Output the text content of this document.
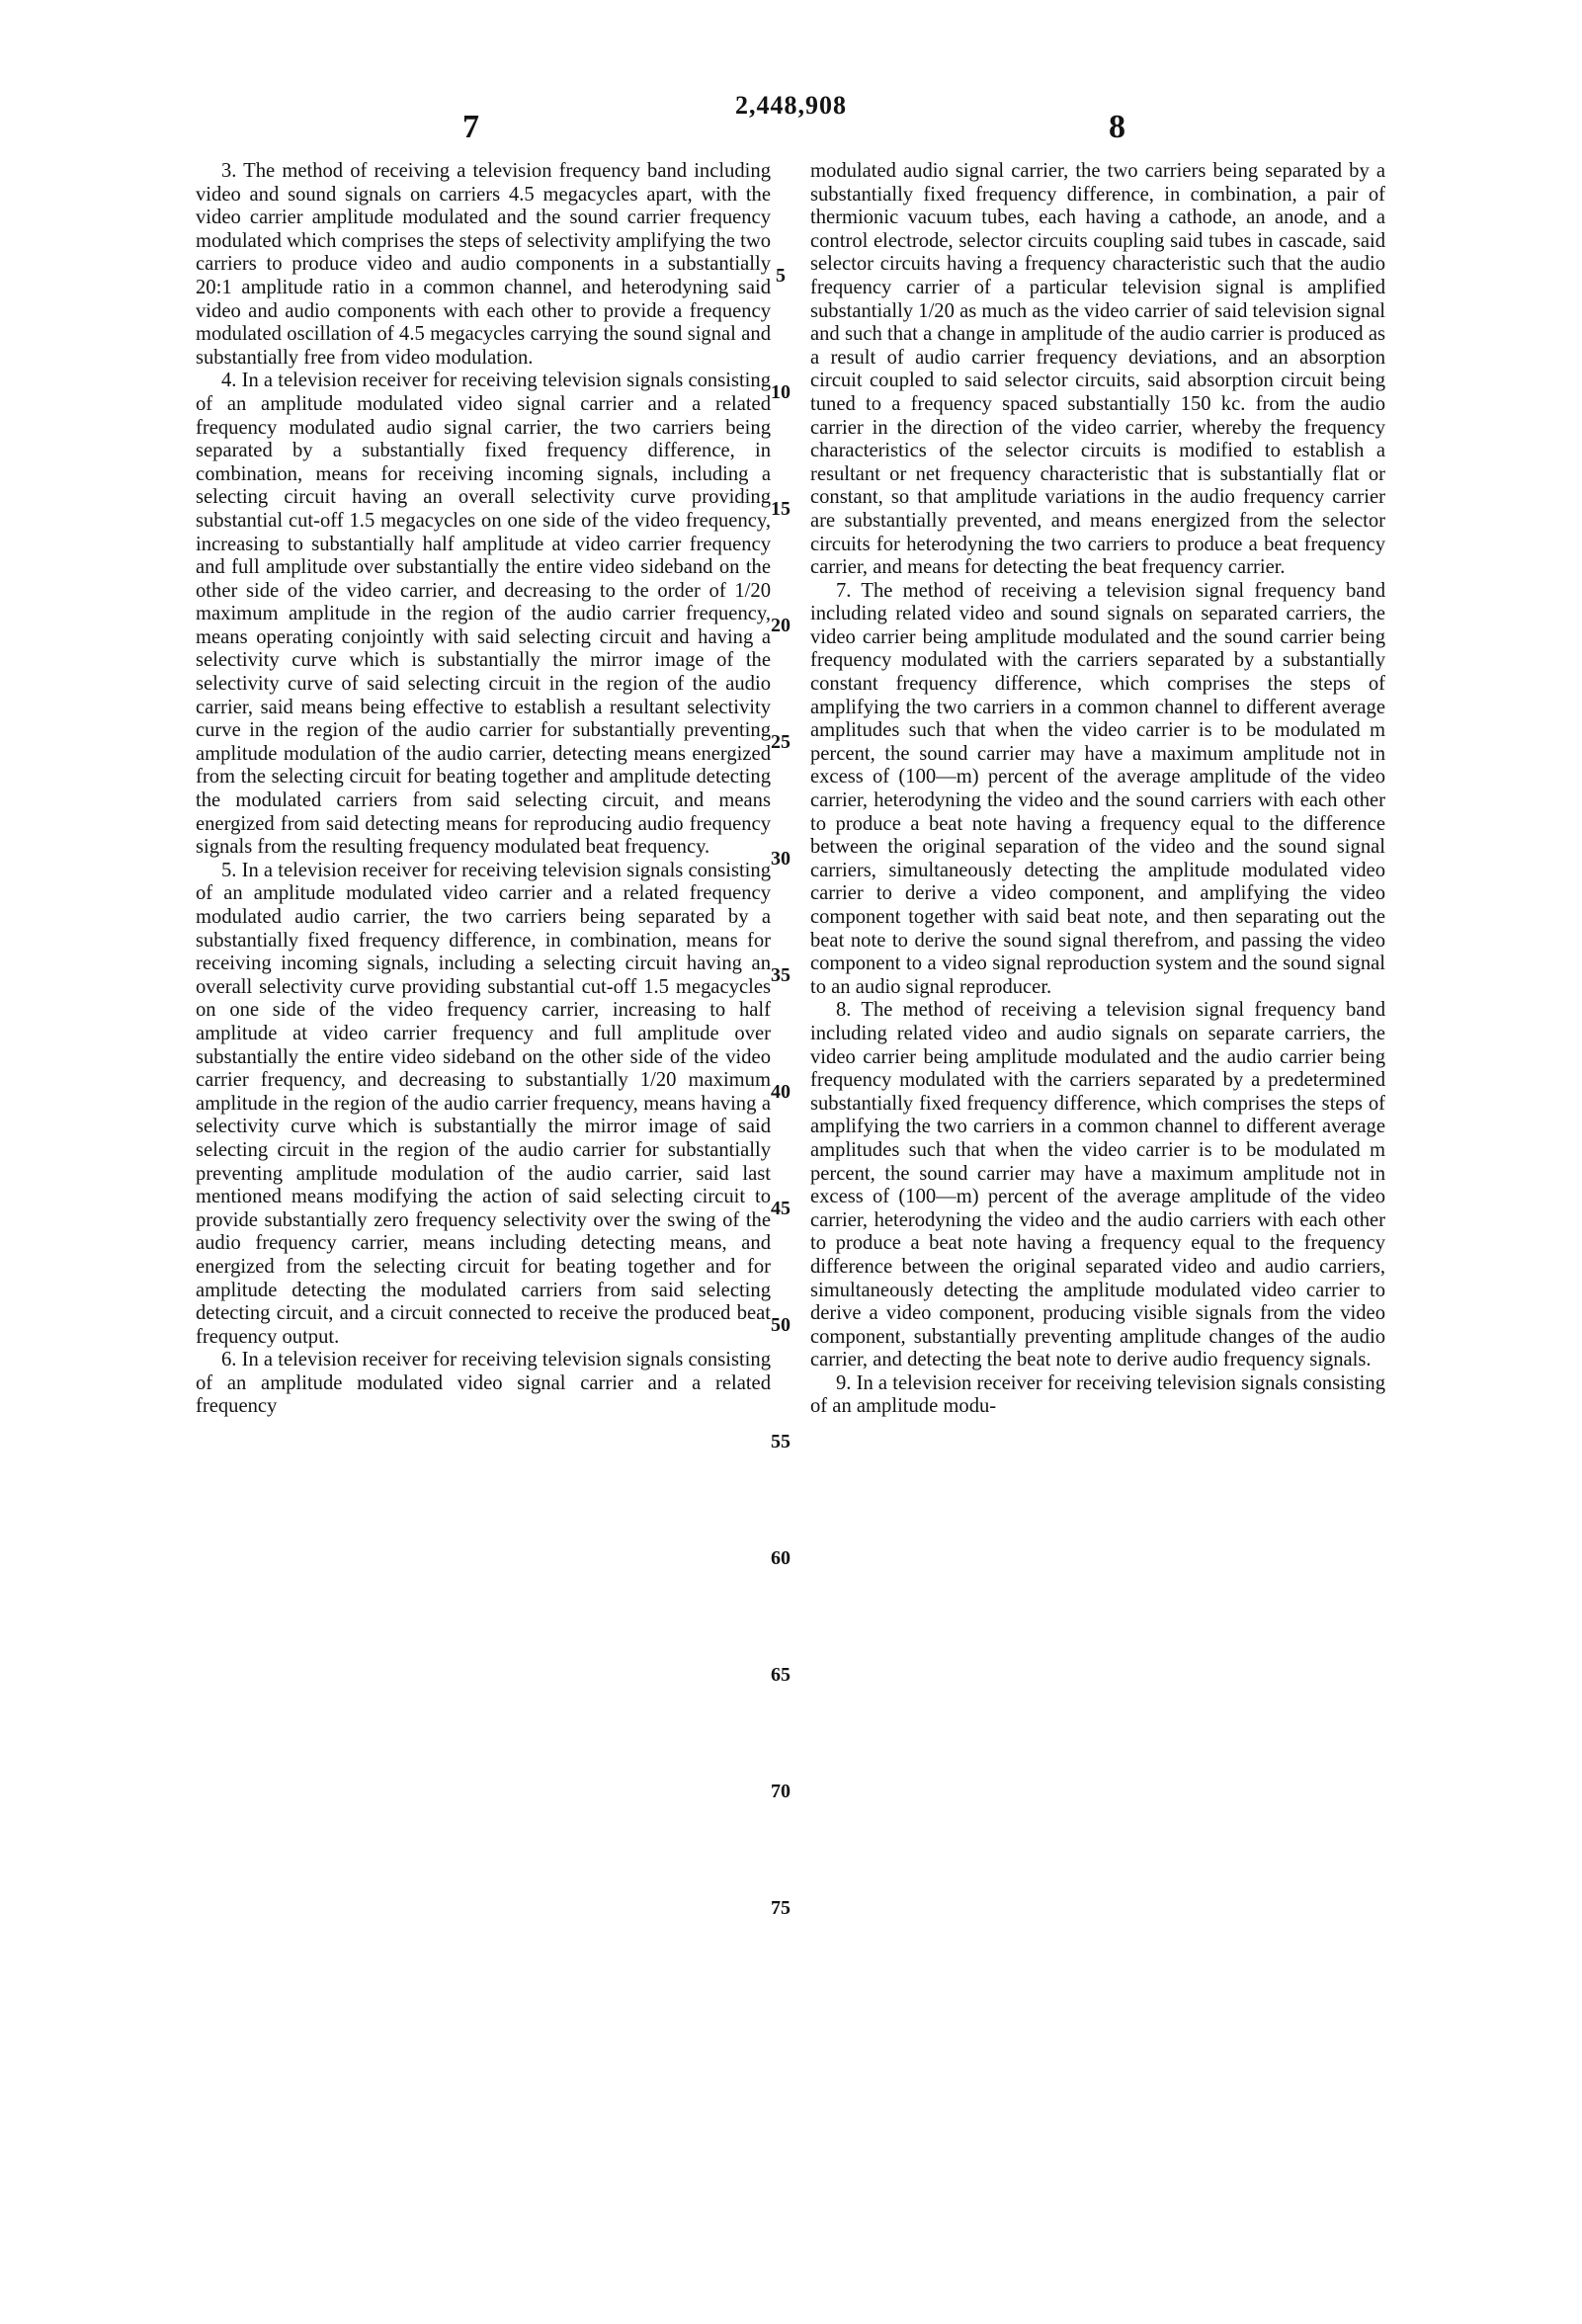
2,448,908
7	8

3. The method of receiving a television frequency band including video and sound signals on carriers 4.5 megacycles apart, with the video carrier amplitude modulated and the sound carrier frequency modulated which comprises the steps of selectivity amplifying the two carriers to produce video and audio components in a substantially 20:1 amplitude ratio in a common channel, and heterodyning said video and audio components with each other to provide a frequency modulated oscillation of 4.5 megacycles carrying the sound signal and substantially free from video modulation.

4. In a television receiver for receiving television signals consisting of an amplitude modulated video signal carrier and a related frequency modulated audio signal carrier, the two carriers being separated by a substantially fixed frequency difference, in combination, means for receiving incoming signals, including a selecting circuit having an overall selectivity curve providing substantial cut-off 1.5 megacycles on one side of the video frequency, increasing to substantially half amplitude at video carrier frequency and full amplitude over substantially the entire video sideband on the other side of the video carrier, and decreasing to the order of 1/20 maximum amplitude in the region of the audio carrier frequency, means operating conjointly with said selecting circuit and having a selectivity curve which is substantially the mirror image of the selectivity curve of said selecting circuit in the region of the audio carrier, said means being effective to establish a resultant selectivity curve in the region of the audio carrier for substantially preventing amplitude modulation of the audio carrier, detecting means energized from the selecting circuit for beating together and amplitude detecting the modulated carriers from said selecting circuit, and means energized from said detecting means for reproducing audio frequency signals from the resulting frequency modulated beat frequency.

5. In a television receiver for receiving television signals consisting of an amplitude modulated video carrier and a related frequency modulated audio carrier, the two carriers being separated by a substantially fixed frequency difference, in combination, means for receiving incoming signals, including a selecting circuit having an overall selectivity curve providing substantial cut-off 1.5 megacycles on one side of the video frequency carrier, increasing to half amplitude at video carrier frequency and full amplitude over substantially the entire video sideband on the other side of the video carrier frequency, and decreasing to substantially 1/20 maximum amplitude in the region of the audio carrier frequency, means having a selectivity curve which is substantially the mirror image of said selecting circuit in the region of the audio carrier for substantially preventing amplitude modulation of the audio carrier, said last mentioned means modifying the action of said selecting circuit to provide substantially zero frequency selectivity over the swing of the audio frequency carrier, means including detecting means, and energized from the selecting circuit for beating together and for amplitude detecting the modulated carriers from said selecting detecting circuit, and a circuit connected to receive the produced beat frequency output.

6. In a television receiver for receiving television signals consisting of an amplitude modulated video signal carrier and a related frequency

modulated audio signal carrier, the two carriers being separated by a substantially fixed frequency difference, in combination, a pair of thermionic vacuum tubes, each having a cathode, an anode, and a control electrode, selector circuits coupling said tubes in cascade, said selector circuits having a frequency characteristic such that the audio frequency carrier of a particular television signal is amplified substantially 1/20 as much as the video carrier of said television signal and such that a change in amplitude of the audio carrier is produced as a result of audio carrier frequency deviations, and an absorption circuit coupled to said selector circuits, said absorption circuit being tuned to a frequency spaced substantially 150 kc. from the audio carrier in the direction of the video carrier, whereby the frequency characteristics of the selector circuits is modified to establish a resultant or net frequency characteristic that is substantially flat or constant, so that amplitude variations in the audio frequency carrier are substantially prevented, and means energized from the selector circuits for heterodyning the two carriers to produce a beat frequency carrier, and means for detecting the beat frequency carrier.

7. The method of receiving a television signal frequency band including related video and sound signals on separated carriers, the video carrier being amplitude modulated and the sound carrier being frequency modulated with the carriers separated by a substantially constant frequency difference, which comprises the steps of amplifying the two carriers in a common channel to different average amplitudes such that when the video carrier is to be modulated m percent, the sound carrier may have a maximum amplitude not in excess of (100—m) percent of the average amplitude of the video carrier, heterodyning the video and the sound carriers with each other to produce a beat note having a frequency equal to the difference between the original separation of the video and the sound signal carriers, simultaneously detecting the amplitude modulated video carrier to derive a video component, and amplifying the video component together with said beat note, and then separating out the beat note to derive the sound signal therefrom, and passing the video component to a video signal reproduction system and the sound signal to an audio signal reproducer.

8. The method of receiving a television signal frequency band including related video and audio signals on separate carriers, the video carrier being amplitude modulated and the audio carrier being frequency modulated with the carriers separated by a predetermined substantially fixed frequency difference, which comprises the steps of amplifying the two carriers in a common channel to different average amplitudes such that when the video carrier is to be modulated m percent, the sound carrier may have a maximum amplitude not in excess of (100—m) percent of the average amplitude of the video carrier, heterodyning the video and the audio carriers with each other to produce a beat note having a frequency equal to the frequency difference between the original separated video and audio carriers, simultaneously detecting the amplitude modulated video carrier to derive a video component, producing visible signals from the video component, substantially preventing amplitude changes of the audio carrier, and detecting the beat note to derive audio frequency signals.

9. In a television receiver for receiving television signals consisting of an amplitude modu-

5
10
15
20
25
30
35
40
45
50
55
60
65
70
75
